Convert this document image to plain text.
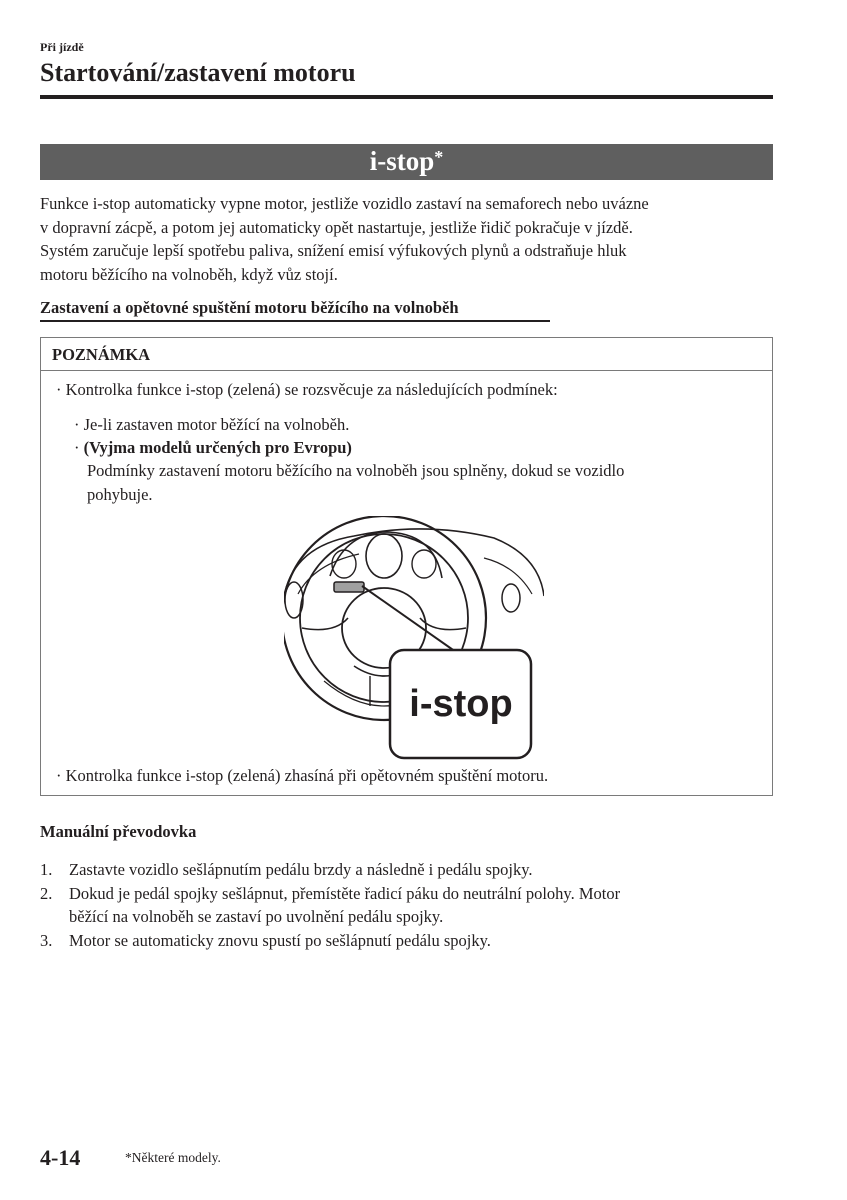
Při jízdě
Startování/zastavení motoru
i-stop*
Funkce i-stop automaticky vypne motor, jestliže vozidlo zastaví na semaforech nebo uvázne
v dopravní zácpě, a potom jej automaticky opět nastartuje, jestliže řidič pokračuje v jízdě.
Systém zaručuje lepší spotřebu paliva, snížení emisí výfukových plynů a odstraňuje hluk
motoru běžícího na volnoběh, když vůz stojí.
Zastavení a opětovné spuštění motoru běžícího na volnoběh
POZNÁMKA
· Kontrolka funkce i-stop (zelená) se rozsvěcuje za následujících podmínek:
· Je-li zastaven motor běžící na volnoběh.
· (Vyjma modelů určených pro Evropu)
Podmínky zastavení motoru běžícího na volnoběh jsou splněny, dokud se vozidlo
pohybuje.
i-stop
· Kontrolka funkce i-stop (zelená) zhasíná při opětovném spuštění motoru.
Manuální převodovka
1. Zastavte vozidlo sešlápnutím pedálu brzdy a následně i pedálu spojky.
2. Dokud je pedál spojky sešlápnut, přemístěte řadicí páku do neutrální polohy. Motor
běžící na volnoběh se zastaví po uvolnění pedálu spojky.
3. Motor se automaticky znovu spustí po sešlápnutí pedálu spojky.
4-14	*Některé modely.
